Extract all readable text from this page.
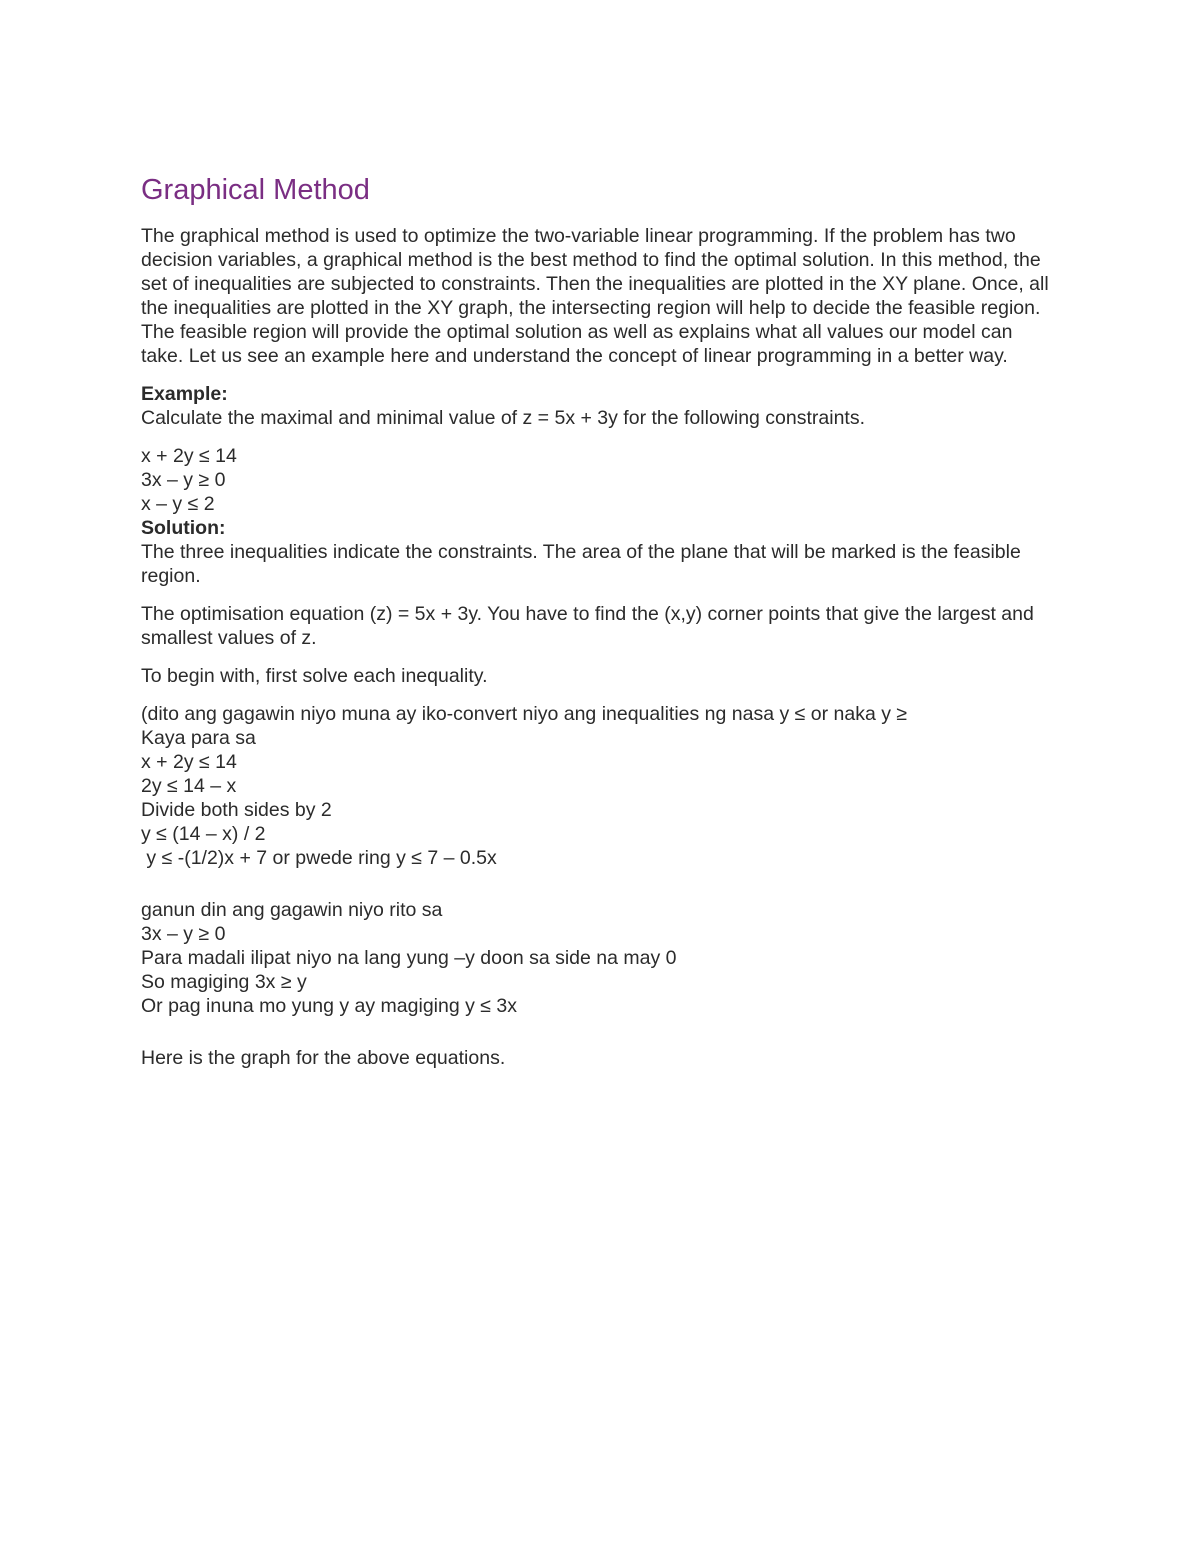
Graphical Method

The graphical method is used to optimize the two-variable linear programming. If the problem has two decision variables, a graphical method is the best method to find the optimal solution. In this method, the set of inequalities are subjected to constraints. Then the inequalities are plotted in the XY plane. Once, all the inequalities are plotted in the XY graph, the intersecting region will help to decide the feasible region. The feasible region will provide the optimal solution as well as explains what all values our model can take. Let us see an example here and understand the concept of linear programming in a better way.

Example:

Calculate the maximal and minimal value of z = 5x + 3y for the following constraints.

x + 2y ≤ 14

3x – y ≥ 0

x – y ≤ 2

Solution:

The three inequalities indicate the constraints. The area of the plane that will be marked is the feasible region.

The optimisation equation (z) = 5x + 3y. You have to find the (x,y) corner points that give the largest and smallest values of z.

To begin with, first solve each inequality.

(dito ang gagawin niyo muna ay iko-convert niyo ang inequalities ng nasa y ≤ or naka y ≥

Kaya para sa

x + 2y ≤ 14

2y ≤ 14 – x

Divide both sides by 2

y ≤ (14 – x) / 2

y ≤ -(1/2)x + 7 or pwede ring y ≤ 7 – 0.5x

ganun din ang gagawin niyo rito sa

3x – y ≥ 0

Para madali ilipat niyo na lang yung –y doon sa side na may 0

So magiging 3x ≥ y

Or pag inuna mo yung y ay magiging y ≤ 3x

Here is the graph for the above equations.
